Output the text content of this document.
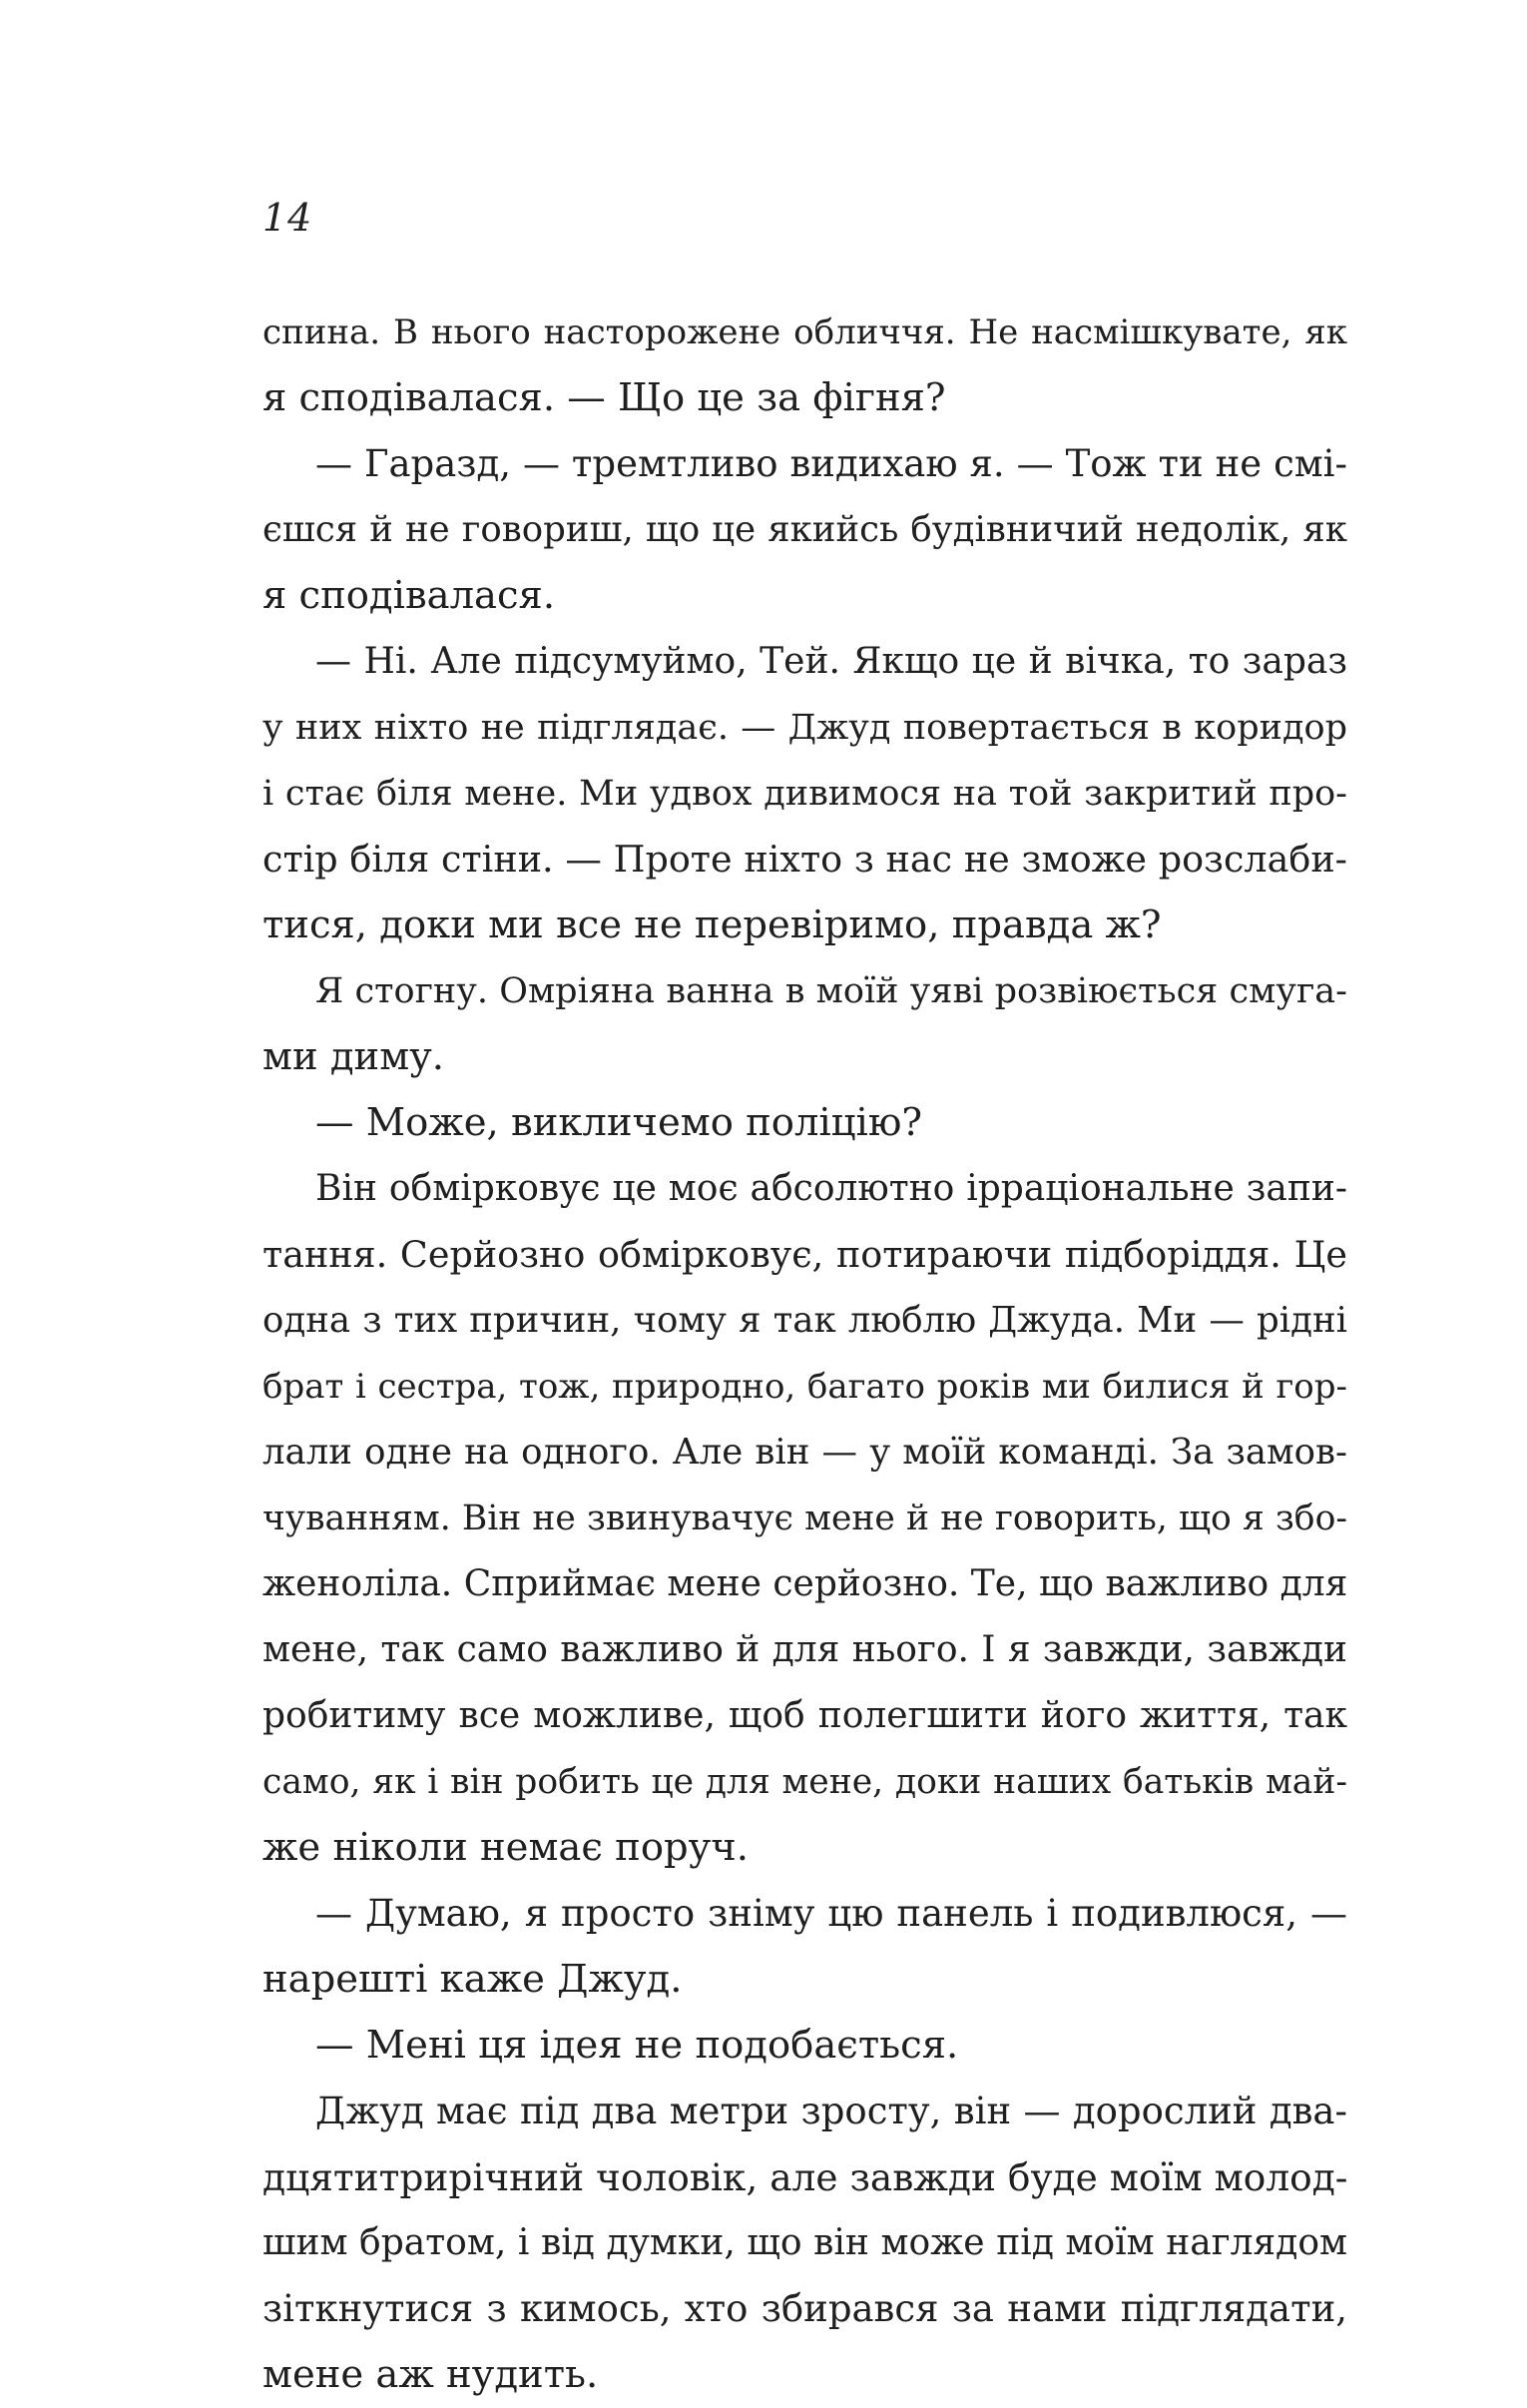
14
спина. В нього насторожене обличчя. Не насмішкувате, як
я сподівалася. — Що це за фігня?
— Гаразд, — тремтливо видихаю я. — Тож ти не смі-
єшся й не говориш, що це якийсь будівничий недолік, як
я сподівалася.
— Ні. Але підсумуймо, Тей. Якщо це й вічка, то зараз
у них ніхто не підглядає. — Джуд повертається в коридор
і стає біля мене. Ми удвох дивимося на той закритий про-
стір біля стіни. — Проте ніхто з нас не зможе розслаби-
тися, доки ми все не перевіримо, правда ж?
Я стогну. Омріяна ванна в моїй уяві розвіюється смуга-
ми диму.
— Може, викличемо поліцію?
Він обмірковує це моє абсолютно ірраціональне запи-
тання. Серйозно обмірковує, потираючи підборіддя. Це
одна з тих причин, чому я так люблю Джуда. Ми — рідні
брат і сестра, тож, природно, багато років ми билися й гор-
лали одне на одного. Але він — у моїй команді. За замов-
чуванням. Він не звинувачує мене й не говорить, що я збо-
женоліла. Сприймає мене серйозно. Те, що важливо для
мене, так само важливо й для нього. І я завжди, завжди
робитиму все можливе, щоб полегшити його життя, так
само, як і він робить це для мене, доки наших батьків май-
же ніколи немає поруч.
— Думаю, я просто зніму цю панель і подивлюся, —
нарешті каже Джуд.
— Мені ця ідея не подобається.
Джуд має під два метри зросту, він — дорослий два-
дцятитрирічний чоловік, але завжди буде моїм молод-
шим братом, і від думки, що він може під моїм наглядом
зіткнутися з кимось, хто збирався за нами підглядати,
мене аж нудить.
